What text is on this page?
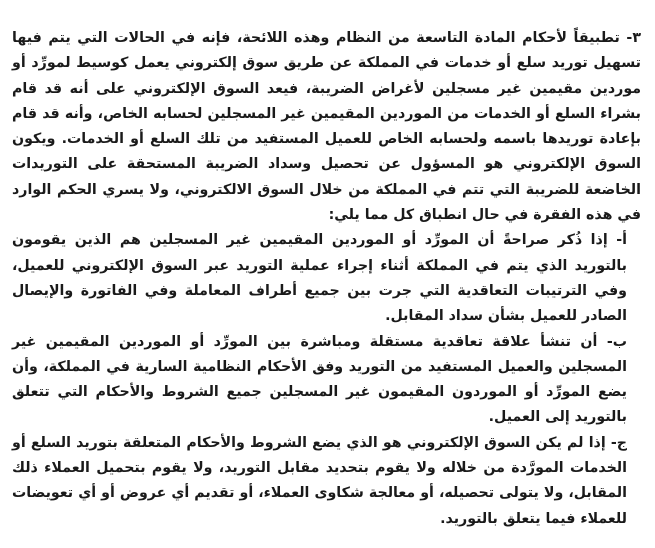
٣- تطبيقاً لأحكام المادة التاسعة من النظام وهذه اللائحة، فإنه في الحالات التي يتم فيها تسهيل توريد سلع أو خدمات في المملكة عن طريق سوق إلكتروني يعمل كوسيط لمورِّد أو موردين مقيمين غير مسجلين لأغراض الضريبة، فيعد السوق الإلكتروني على أنه قد قام بشراء السلع أو الخدمات من الموردين المقيمين غير المسجلين لحسابه الخاص، وأنه قد قام بإعادة توريدها باسمه ولحسابه الخاص للعميل المستفيد من تلك السلع أو الخدمات. ويكون السوق الإلكتروني هو المسؤول عن تحصيل وسداد الضريبة المستحقة على التوريدات الخاضعة للضريبة التي تتم في المملكة من خلال السوق الالكتروني، ولا يسري الحكم الوارد في هذه الفقرة في حال انطباق كل مما يلي:

أ- إذا ذُكر صراحةً أن المورِّد أو الموردين المقيمين غير المسجلين هم الذين يقومون بالتوريد الذي يتم في المملكة أثناء إجراء عملية التوريد عبر السوق الإلكتروني للعميل، وفي الترتيبات التعاقدية التي جرت بين جميع أطراف المعاملة وفي الفاتورة والإيصال الصادر للعميل بشأن سداد المقابل.

ب- أن تنشأ علاقة تعاقدية مستقلة ومباشرة بين المورِّد أو الموردين المقيمين غير المسجلين والعميل المستفيد من التوريد وفق الأحكام النظامية السارية في المملكة، وأن يضع المورِّد أو الموردون المقيمون غير المسجلين جميع الشروط والأحكام التي تتعلق بالتوريد إلى العميل.

ج- إذا لم يكن السوق الإلكتروني هو الذي يضع الشروط والأحكام المتعلقة بتوريد السلع أو الخدمات المورَّدة من خلاله ولا يقوم بتحديد مقابل التوريد، ولا يقوم بتحميل العملاء ذلك المقابل، ولا يتولى تحصيله، أو معالجة شكاوى العملاء، أو تقديم أي عروض أو أي تعويضات للعملاء فيما يتعلق بالتوريد.
